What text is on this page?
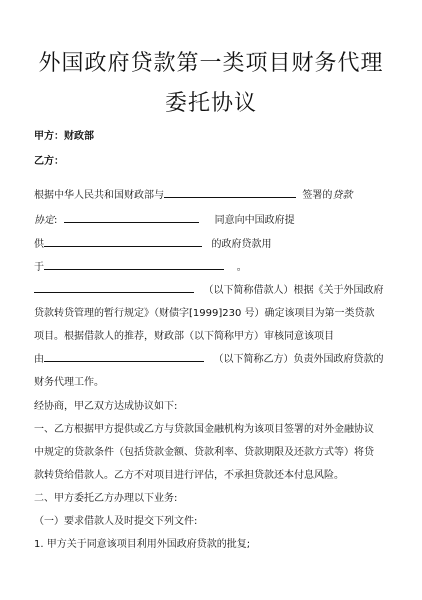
外国政府贷款第一类项目财务代理
委托协议
甲方：财政部
乙方：
根据中华人民共和国财政部与	签署的贷款
协定:	同意向中国政府提
供	的政府贷款用
于	。
（以下简称借款人）根据《关于外国政府
贷款转贷管理的暂行规定》（财债字[1999]230 号）确定该项目为第一类贷款
项目。根据借款人的推荐，财政部（以下简称甲方）审核同意该项目
由	（以下简称乙方）负责外国政府贷款的
财务代理工作。
经协商，甲乙双方达成协议如下:
一、乙方根据甲方提供或乙方与贷款国金融机构为该项目签署的对外金融协议
中规定的贷款条件（包括贷款金额、贷款利率、贷款期限及还款方式等）将贷
款转贷给借款人。乙方不对项目进行评估，不承担贷款还本付息风险。
二、甲方委托乙方办理以下业务:
（一）要求借款人及时提交下列文件:
1. 甲方关于同意该项目利用外国政府贷款的批复;
